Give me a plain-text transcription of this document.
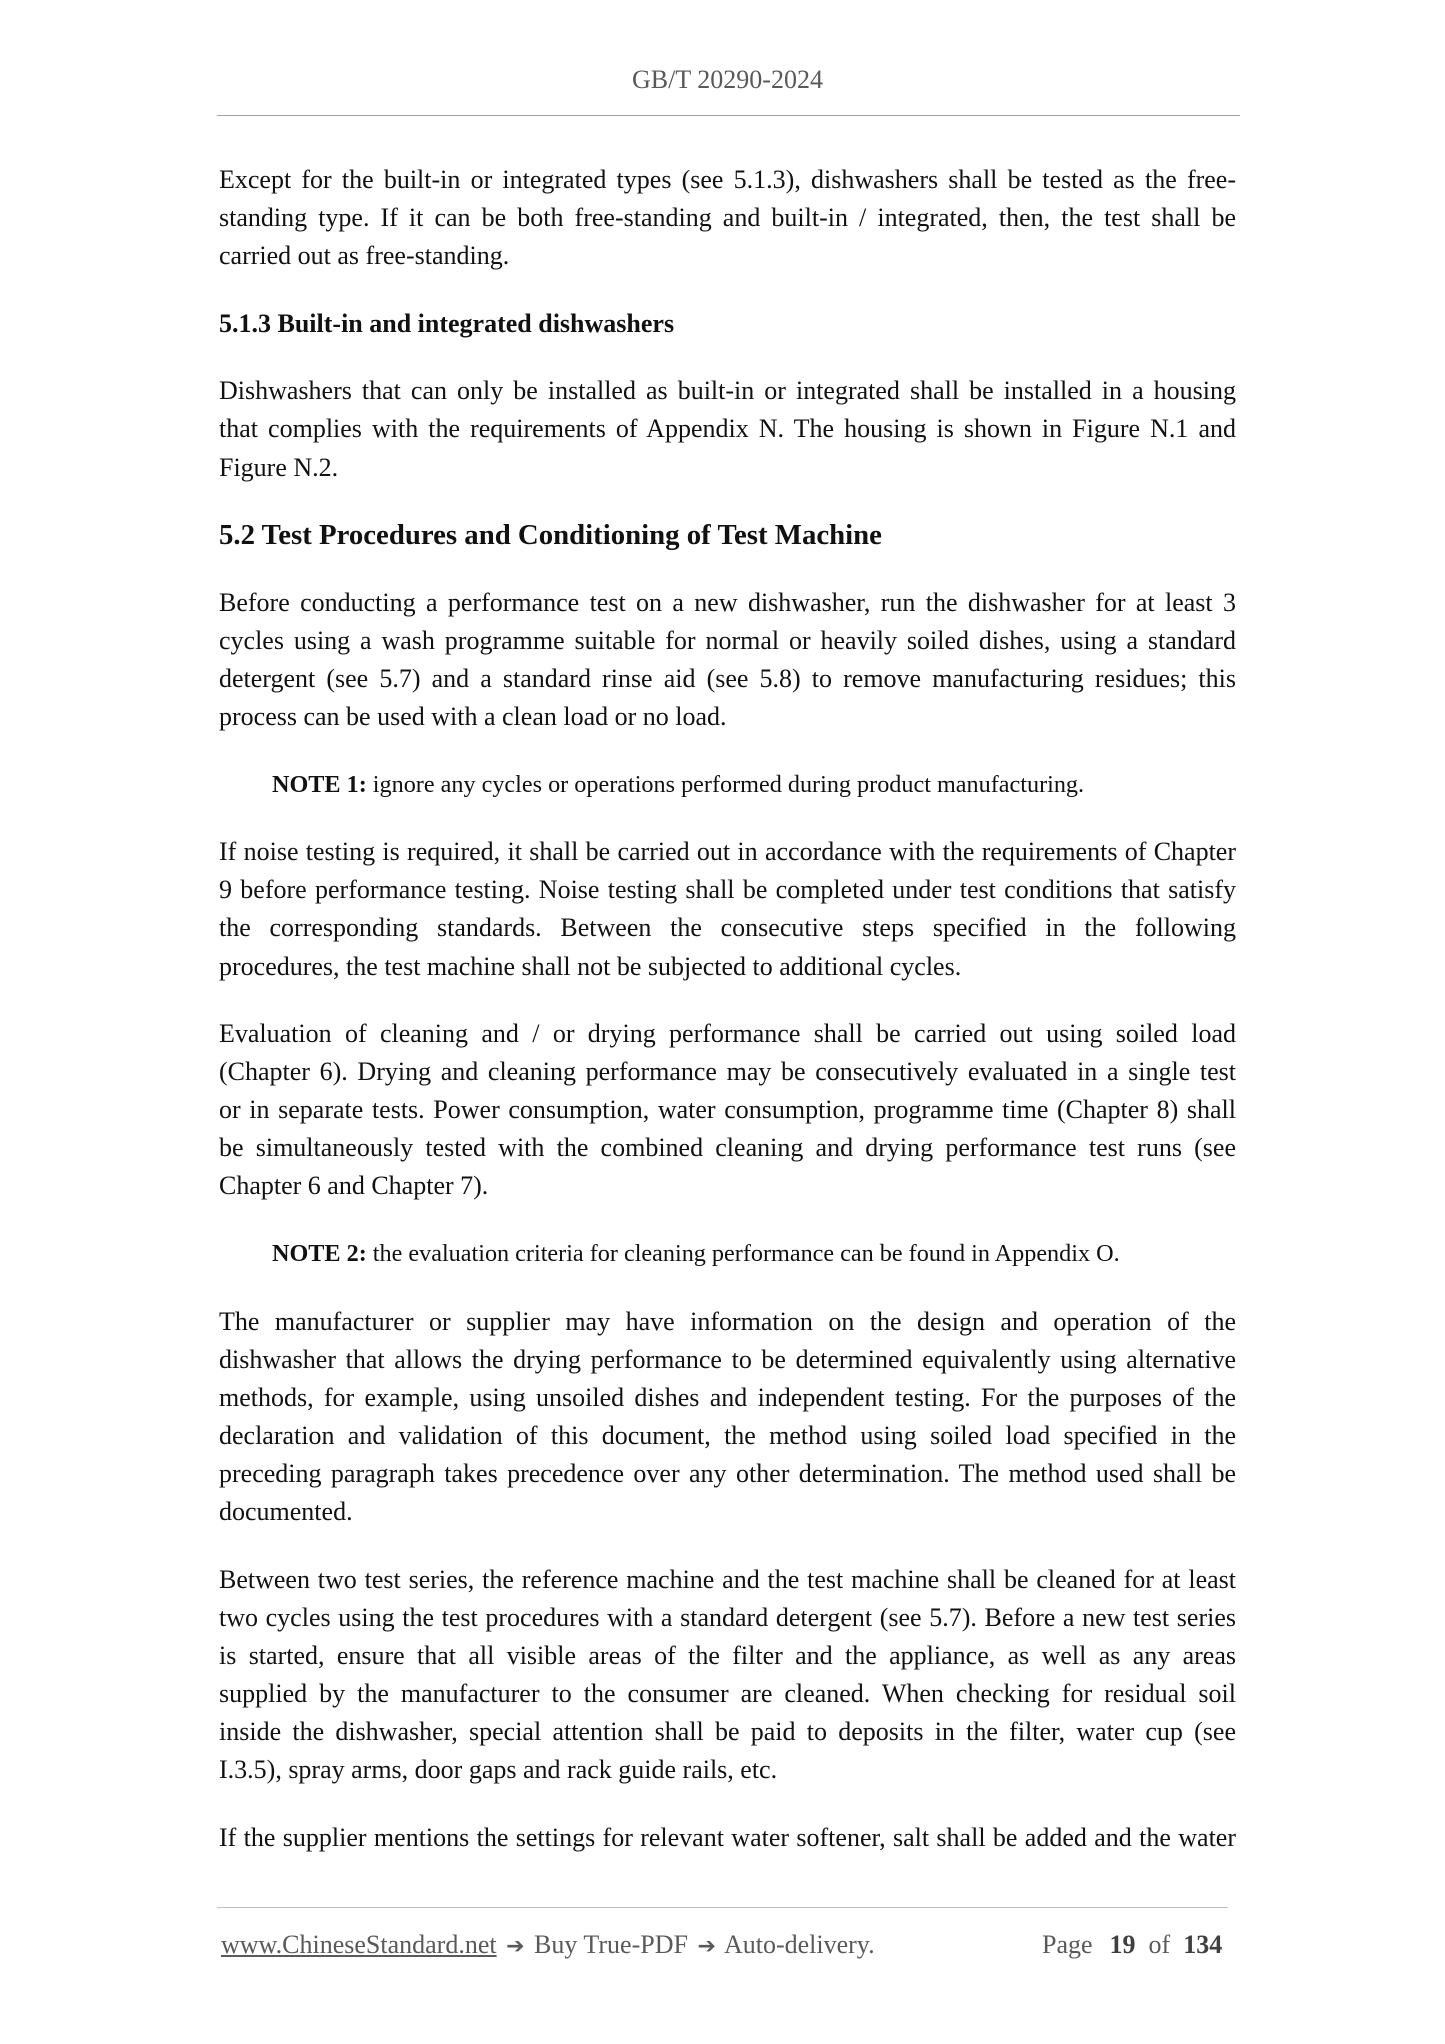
GB/T 20290-2024
Except for the built-in or integrated types (see 5.1.3), dishwashers shall be tested as the free-
standing type. If it can be both free-standing and built-in / integrated, then, the test shall be
carried out as free-standing.
5.1.3 Built-in and integrated dishwashers
Dishwashers that can only be installed as built-in or integrated shall be installed in a housing
that complies with the requirements of Appendix N. The housing is shown in Figure N.1 and
Figure N.2.
5.2 Test Procedures and Conditioning of Test Machine
Before conducting a performance test on a new dishwasher, run the dishwasher for at least 3
cycles using a wash programme suitable for normal or heavily soiled dishes, using a standard
detergent (see 5.7) and a standard rinse aid (see 5.8) to remove manufacturing residues; this
process can be used with a clean load or no load.
NOTE 1: ignore any cycles or operations performed during product manufacturing.
If noise testing is required, it shall be carried out in accordance with the requirements of Chapter
9 before performance testing. Noise testing shall be completed under test conditions that satisfy
the corresponding standards. Between the consecutive steps specified in the following
procedures, the test machine shall not be subjected to additional cycles.
Evaluation of cleaning and / or drying performance shall be carried out using soiled load
(Chapter 6). Drying and cleaning performance may be consecutively evaluated in a single test
or in separate tests. Power consumption, water consumption, programme time (Chapter 8) shall
be simultaneously tested with the combined cleaning and drying performance test runs (see
Chapter 6 and Chapter 7).
NOTE 2: the evaluation criteria for cleaning performance can be found in Appendix O.
The manufacturer or supplier may have information on the design and operation of the
dishwasher that allows the drying performance to be determined equivalently using alternative
methods, for example, using unsoiled dishes and independent testing. For the purposes of the
declaration and validation of this document, the method using soiled load specified in the
preceding paragraph takes precedence over any other determination. The method used shall be
documented.
Between two test series, the reference machine and the test machine shall be cleaned for at least
two cycles using the test procedures with a standard detergent (see 5.7). Before a new test series
is started, ensure that all visible areas of the filter and the appliance, as well as any areas
supplied by the manufacturer to the consumer are cleaned. When checking for residual soil
inside the dishwasher, special attention shall be paid to deposits in the filter, water cup (see
I.3.5), spray arms, door gaps and rack guide rails, etc.
If the supplier mentions the settings for relevant water softener, salt shall be added and the water
www.ChineseStandard.net ➔ Buy True-PDF ➔ Auto-delivery.	Page 19 of 134
